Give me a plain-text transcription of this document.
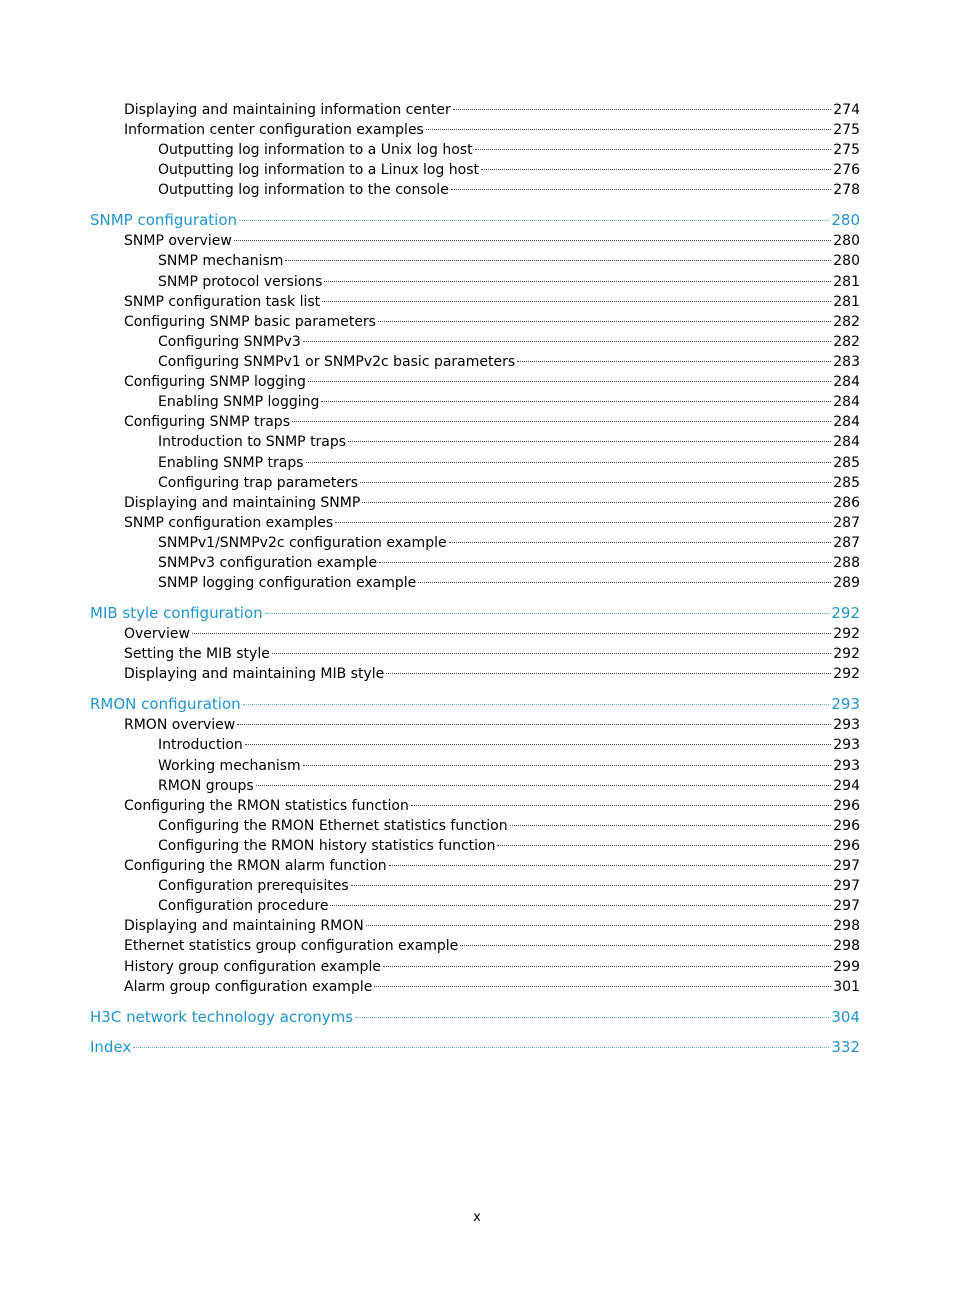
Displaying and maintaining information center	274
Information center configuration examples	275
Outputting log information to a Unix log host	275
Outputting log information to a Linux log host	276
Outputting log information to the console	278
SNMP configuration	280
SNMP overview	280
SNMP mechanism	280
SNMP protocol versions	281
SNMP configuration task list	281
Configuring SNMP basic parameters	282
Configuring SNMPv3	282
Configuring SNMPv1 or SNMPv2c basic parameters	283
Configuring SNMP logging	284
Enabling SNMP logging	284
Configuring SNMP traps	284
Introduction to SNMP traps	284
Enabling SNMP traps	285
Configuring trap parameters	285
Displaying and maintaining SNMP	286
SNMP configuration examples	287
SNMPv1/SNMPv2c configuration example	287
SNMPv3 configuration example	288
SNMP logging configuration example	289
MIB style configuration	292
Overview	292
Setting the MIB style	292
Displaying and maintaining MIB style	292
RMON configuration	293
RMON overview	293
Introduction	293
Working mechanism	293
RMON groups	294
Configuring the RMON statistics function	296
Configuring the RMON Ethernet statistics function	296
Configuring the RMON history statistics function	296
Configuring the RMON alarm function	297
Configuration prerequisites	297
Configuration procedure	297
Displaying and maintaining RMON	298
Ethernet statistics group configuration example	298
History group configuration example	299
Alarm group configuration example	301
H3C network technology acronyms	304
Index	332
x
